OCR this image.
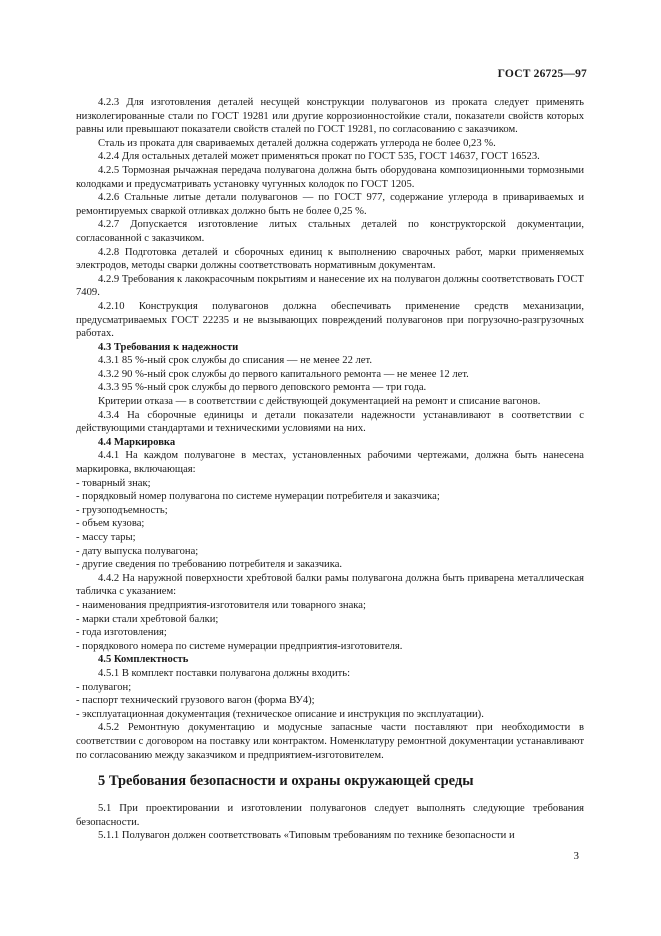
ГОСТ 26725—97

4.2.3 Для изготовления деталей несущей конструкции полувагонов из проката следует применять низколегированные стали по ГОСТ 19281 или другие коррозионностойкие стали, показатели свойств которых равны или превышают показатели свойств сталей по ГОСТ 19281, по согласованию с заказчиком.

Сталь из проката для свариваемых деталей должна содержать углерода не более 0,23 %.

4.2.4 Для остальных деталей может применяться прокат по ГОСТ 535, ГОСТ 14637, ГОСТ 16523.

4.2.5 Тормозная рычажная передача полувагона должна быть оборудована композиционными тормозными колодками и предусматривать установку чугунных колодок по ГОСТ 1205.

4.2.6 Стальные литые детали полувагонов — по ГОСТ 977, содержание углерода в привариваемых и ремонтируемых сваркой отливках должно быть не более 0,25 %.

4.2.7 Допускается изготовление литых стальных деталей по конструкторской документации, согласованной с заказчиком.

4.2.8 Подготовка деталей и сборочных единиц к выполнению сварочных работ, марки применяемых электродов, методы сварки должны соответствовать нормативным документам.

4.2.9 Требования к лакокрасочным покрытиям и нанесение их на полувагон должны соответствовать ГОСТ 7409.

4.2.10 Конструкция полувагонов должна обеспечивать применение средств механизации, предусматриваемых ГОСТ 22235 и не вызывающих повреждений полувагонов при погрузочно-разгрузочных работах.

4.3 Требования к надежности

4.3.1 85 %-ный срок службы до списания — не менее 22 лет.

4.3.2 90 %-ный срок службы до первого капитального ремонта — не менее 12 лет.

4.3.3 95 %-ный срок службы до первого деповского ремонта — три года.

Критерии отказа — в соответствии с действующей документацией на ремонт и списание вагонов.

4.3.4 На сборочные единицы и детали показатели надежности устанавливают в соответствии с действующими стандартами и техническими условиями на них.

4.4 Маркировка

4.4.1 На каждом полувагоне в местах, установленных рабочими чертежами, должна быть нанесена маркировка, включающая:

- товарный знак;

- порядковый номер полувагона по системе нумерации потребителя и заказчика;

- грузоподъемность;

- объем кузова;

- массу тары;

- дату выпуска полувагона;

- другие сведения по требованию потребителя и заказчика.

4.4.2 На наружной поверхности хребтовой балки рамы полувагона должна быть приварена металлическая табличка с указанием:

- наименования предприятия-изготовителя или товарного знака;

- марки стали хребтовой балки;

- года изготовления;

- порядкового номера по системе нумерации предприятия-изготовителя.

4.5 Комплектность

4.5.1 В комплект поставки полувагона должны входить:

- полувагон;

- паспорт технический грузового вагон (форма ВУ4);

- эксплуатационная документация (техническое описание и инструкция по эксплуатации).

4.5.2 Ремонтную документацию и модусные запасные части поставляют при необходимости в соответствии с договором на поставку или контрактом. Номенклатуру ремонтной документации устанавливают по согласованию между заказчиком и предприятием-изготовителем.

5 Требования безопасности и охраны окружающей среды

5.1 При проектировании и изготовлении полувагонов следует выполнять следующие требования безопасности.

5.1.1 Полувагон должен соответствовать «Типовым требованиям по технике безопасности и

3
